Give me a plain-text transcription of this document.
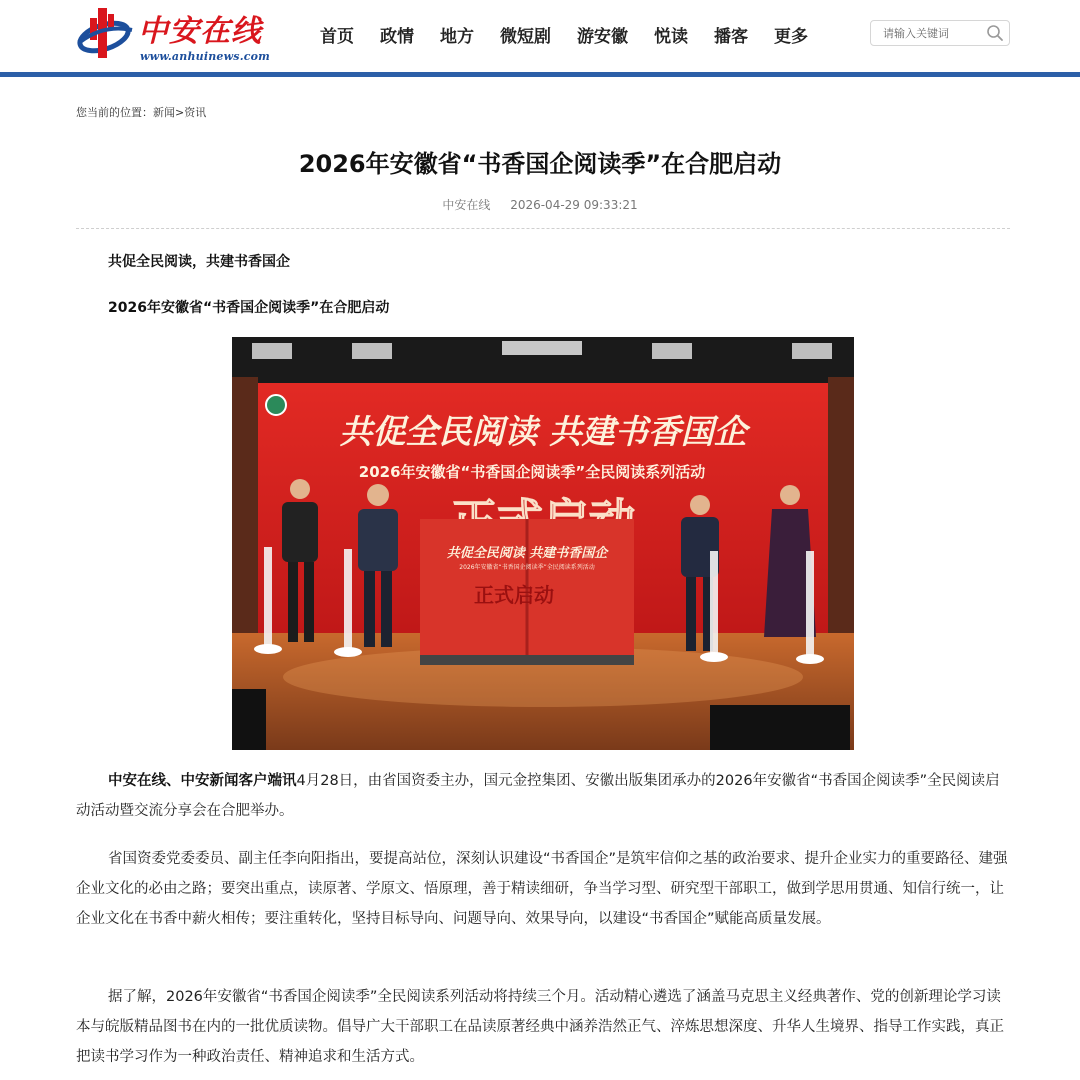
中安在线
www.anhuinews.com
首页 政情 地方 微短剧 游安徽 悦读 播客 更多
请输入关键词
您当前的位置：新闻>资讯
2026年安徽省“书香国企阅读季”在合肥启动
中安在线 2026-04-29 09:33:21
共促全民阅读，共建书香国企
2026年安徽省“书香国企阅读季”在合肥启动
共促全民阅读 共建书香国企
2026年安徽省“书香国企阅读季”全民阅读系列活动
共促全民阅读 共建书香国企
2026年安徽省“书香国企阅读季”全民阅读系列活动
正式启动

中安在线、中安新闻客户端讯4月28日，由省国资委主办，国元金控集团、安徽出版集团承办的2026年安徽省“书香国企阅读季”全民阅读启动活动暨交流分享会在合肥举办。

省国资委党委委员、副主任李向阳指出，要提高站位，深刻认识建设“书香国企”是筑牢信仰之基的政治要求、提升企业实力的重要路径、建强企业文化的必由之路；要突出重点，读原著、学原文、悟原理，善于精读细研，争当学习型、研究型干部职工，做到学思用贯通、知信行统一，让企业文化在书香中薪火相传；要注重转化，坚持目标导向、问题导向、效果导向，以建设“书香国企”赋能高质量发展。

据了解，2026年安徽省“书香国企阅读季”全民阅读系列活动将持续三个月。活动精心遴选了涵盖马克思主义经典著作、党的创新理论学习读本与皖版精品图书在内的一批优质读物。倡导广大干部职工在品读原著经典中涵养浩然正气、淬炼思想深度、升华人生境界、指导工作实践，真正把读书学习作为一种政治责任、精神追求和生活方式。
